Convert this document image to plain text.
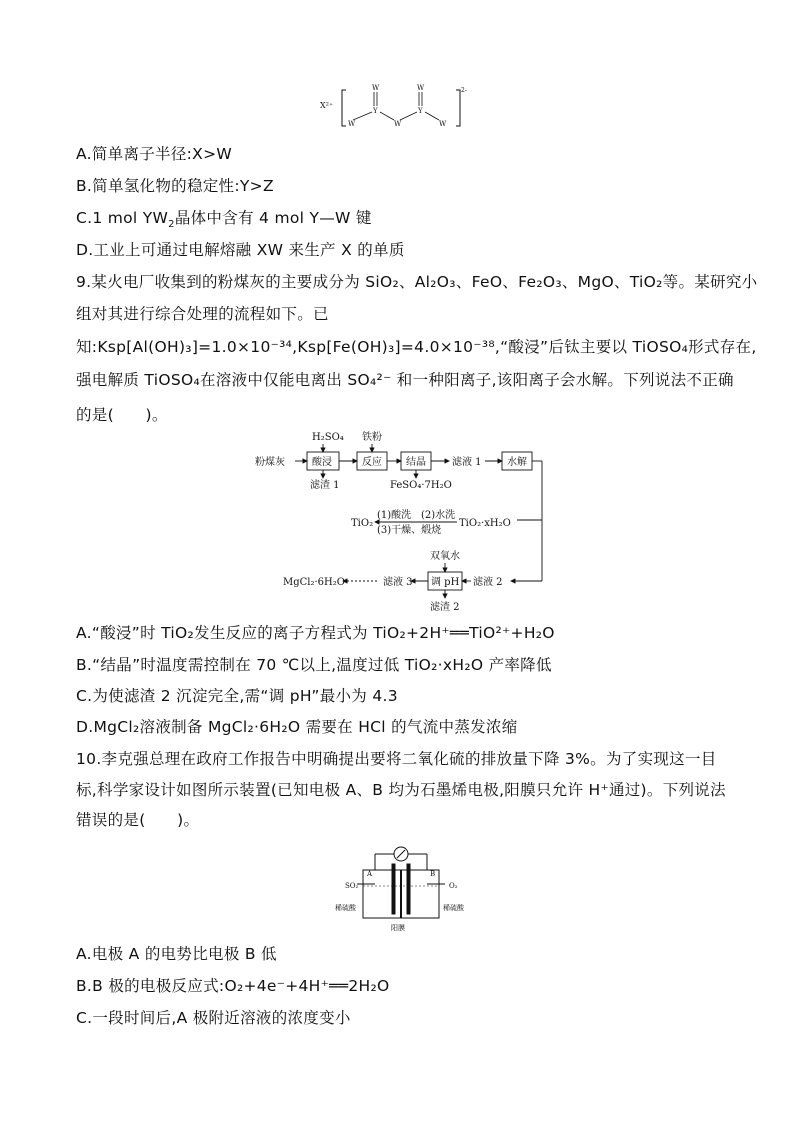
X²⁺
2-
W
W
Y
W
W
Y
W
A.简单离子半径:X>W
B.简单氢化物的稳定性:Y>Z
C.1 mol $YW_2$晶体中含有 4 mol Y—W 键
D.工业上可通过电解熔融 XW 来生产 X 的单质
9.某火电厂收集到的粉煤灰的主要成分为 SiO₂、Al₂O₃、FeO、Fe₂O₃、MgO、TiO₂等。某研究小
组对其进行综合处理的流程如下。已
知:Ksp[Al(OH)₃]=1.0×10⁻³⁴,Ksp[Fe(OH)₃]=4.0×10⁻³⁸,“酸浸”后钛主要以 TiOSO₄形式存在,
强电解质 TiOSO₄在溶液中仅能电离出 SO₄²⁻ 和一种阳离子,该阳离子会水解。下列说法不正确
的是(　　)。
H₂SO₄ 铁粉
粉煤灰	酸浸	反应 结晶	滤液 1	水解
滤渣 1	FeSO₄·7H₂O
(1)酸洗 (2)水洗
(3)干燥、煅烧
TiO₂	TiO₂·xH₂O
双氧水
调 pH
MgCl₂·6H₂O	滤液 3	滤液 2
滤渣 2
A.“酸浸”时 TiO₂发生反应的离子方程式为 TiO₂+2H⁺══TiO²⁺+H₂O
B.“结晶”时温度需控制在 70 ℃以上,温度过低 TiO₂·xH₂O 产率降低
C.为使滤渣 2 沉淀完全,需“调 pH”最小为 4.3
D.MgCl₂溶液制备 MgCl₂·6H₂O 需要在 HCl 的气流中蒸发浓缩
10.李克强总理在政府工作报告中明确提出要将二氧化硫的排放量下降 3%。为了实现这一目
标,科学家设计如图所示装置(已知电极 A、B 均为石墨烯电极,阳膜只允许 H⁺通过)。下列说法
错误的是(　　)。
SO₂	O₂
A	B
稀硫酸	稀硫酸
阳膜
A.电极 A 的电势比电极 B 低
B.B 极的电极反应式:O₂+4e⁻+4H⁺══2H₂O
C.一段时间后,A 极附近溶液的浓度变小
